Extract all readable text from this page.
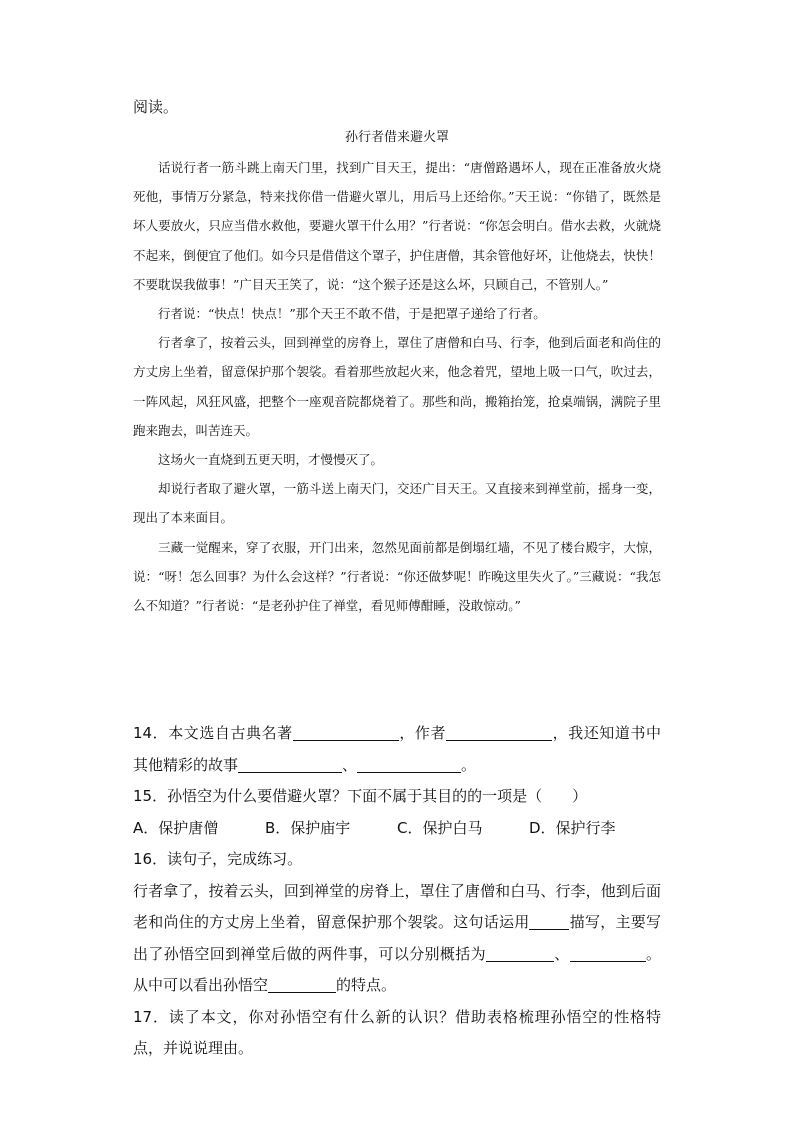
阅读。
孙行者借来避火罩

话说行者一筋斗跳上南天门里，找到广目天王，提出：“唐僧路遇坏人，现在正准备放火烧死他，事情万分紧急，特来找你借一借避火罩儿，用后马上还给你。”天王说：“你错了，既然是坏人要放火，只应当借水救他，要避火罩干什么用？”行者说：“你怎会明白。借水去救，火就烧不起来，倒便宜了他们。如今只是借借这个罩子，护住唐僧，其余管他好坏，让他烧去，快快！不要耽误我做事！”广目天王笑了，说：“这个猴子还是这么坏，只顾自己，不管别人。”

行者说：“快点！快点！”那个天王不敢不借，于是把罩子递给了行者。

行者拿了，按着云头，回到禅堂的房脊上，罩住了唐僧和白马、行李，他到后面老和尚住的方丈房上坐着，留意保护那个袈裟。看着那些放起火来，他念着咒，望地上吸一口气，吹过去，一阵风起，风狂风盛，把整个一座观音院都烧着了。那些和尚，搬箱抬笼，抢桌端锅，满院子里跑来跑去，叫苦连天。

这场火一直烧到五更天明，才慢慢灭了。

却说行者取了避火罩，一筋斗送上南天门，交还广目天王。又直接来到禅堂前，摇身一变，现出了本来面目。

三藏一觉醒来，穿了衣服，开门出来，忽然见面前都是倒塌红墙，不见了楼台殿宇，大惊，说：“呀！怎么回事？为什么会这样？”行者说：“你还做梦呢！昨晚这里失火了。”三藏说：“我怎么不知道？”行者说：“是老孙护住了禅堂，看见师傅酣睡，没敢惊动。”

14．本文选自古典名著	，作者	，我还知道书中其他精彩的故事	、	。

15．孙悟空为什么要借避火罩？下面不属于其目的的一项是（　　）

A．保护唐僧	B．保护庙宇	C．保护白马	D．保护行李

16．读句子，完成练习。

行者拿了，按着云头，回到禅堂的房脊上，罩住了唐僧和白马、行李，他到后面老和尚住的方丈房上坐着，留意保护那个袈裟。这句话运用	描写，主要写出了孙悟空回到禅堂后做的两件事，可以分别概括为	、	。从中可以看出孙悟空	的特点。

17．读了本文，你对孙悟空有什么新的认识？借助表格梳理孙悟空的性格特点，并说说理由。
